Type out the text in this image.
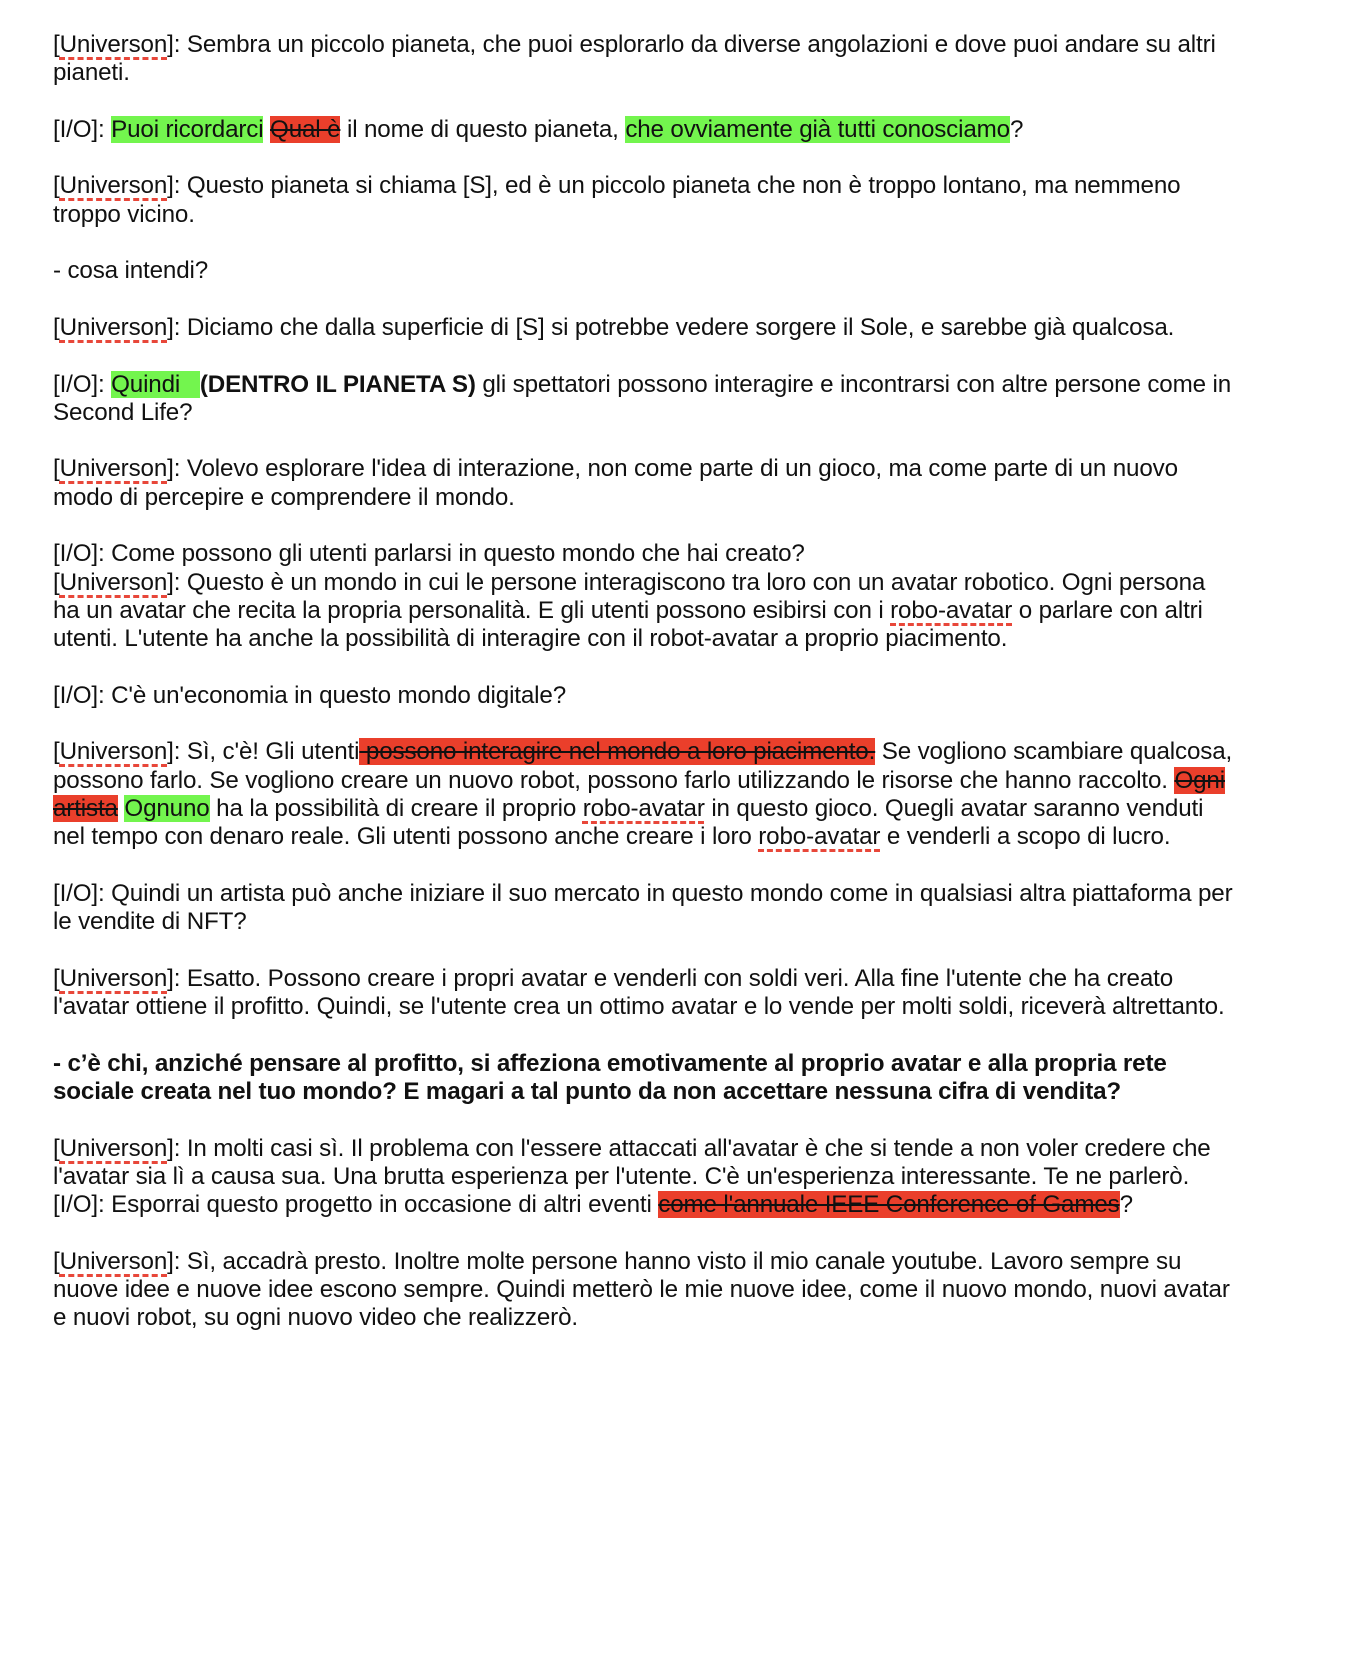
[Universon]: Sembra un piccolo pianeta, che puoi esplorarlo da diverse angolazioni e dove puoi andare su altri pianeti.

[I/O]: Puoi ricordarci Qual è il nome di questo pianeta, che ovviamente già tutti conosciamo?

[Universon]: Questo pianeta si chiama [S], ed è un piccolo pianeta che non è troppo lontano, ma nemmeno troppo vicino.

- cosa intendi?

[Universon]: Diciamo che dalla superficie di [S] si potrebbe vedere sorgere il Sole, e sarebbe già qualcosa.

[I/O]: Quindi   (DENTRO IL PIANETA S) gli spettatori possono interagire e incontrarsi con altre persone come in Second Life?

[Universon]: Volevo esplorare l'idea di interazione, non come parte di un gioco, ma come parte di un nuovo modo di percepire e comprendere il mondo.

[I/O]: Come possono gli utenti parlarsi in questo mondo che hai creato?

[Universon]: Questo è un mondo in cui le persone interagiscono tra loro con un avatar robotico. Ogni persona ha un avatar che recita la propria personalità. E gli utenti possono esibirsi con i robo-avatar o parlare con altri utenti. L'utente ha anche la possibilità di interagire con il robot-avatar a proprio piacimento.

[I/O]: C'è un'economia in questo mondo digitale?

[Universon]: Sì, c'è! Gli utenti possono interagire nel mondo a loro piacimento. Se vogliono scambiare qualcosa, possono farlo. Se vogliono creare un nuovo robot, possono farlo utilizzando le risorse che hanno raccolto. Ogni artista Ognuno ha la possibilità di creare il proprio robo-avatar in questo gioco. Quegli avatar saranno venduti nel tempo con denaro reale. Gli utenti possono anche creare i loro robo-avatar e venderli a scopo di lucro.

[I/O]: Quindi un artista può anche iniziare il suo mercato in questo mondo come in qualsiasi altra piattaforma per le vendite di NFT?

[Universon]: Esatto. Possono creare i propri avatar e venderli con soldi veri. Alla fine l'utente che ha creato l'avatar ottiene il profitto. Quindi, se l'utente crea un ottimo avatar e lo vende per molti soldi, riceverà altrettanto.

- c’è chi, anziché pensare al profitto, si affeziona emotivamente al proprio avatar e alla propria rete sociale creata nel tuo mondo? E magari a tal punto da non accettare nessuna cifra di vendita?

[Universon]: In molti casi sì. Il problema con l'essere attaccati all'avatar è che si tende a non voler credere che l'avatar sia lì a causa sua. Una brutta esperienza per l'utente. C'è un'esperienza interessante. Te ne parlerò.

[I/O]: Esporrai questo progetto in occasione di altri eventi come l'annuale IEEE Conference of Games?

[Universon]: Sì, accadrà presto. Inoltre molte persone hanno visto il mio canale youtube. Lavoro sempre su nuove idee e nuove idee escono sempre. Quindi metterò le mie nuove idee, come il nuovo mondo, nuovi avatar e nuovi robot, su ogni nuovo video che realizzerò.
